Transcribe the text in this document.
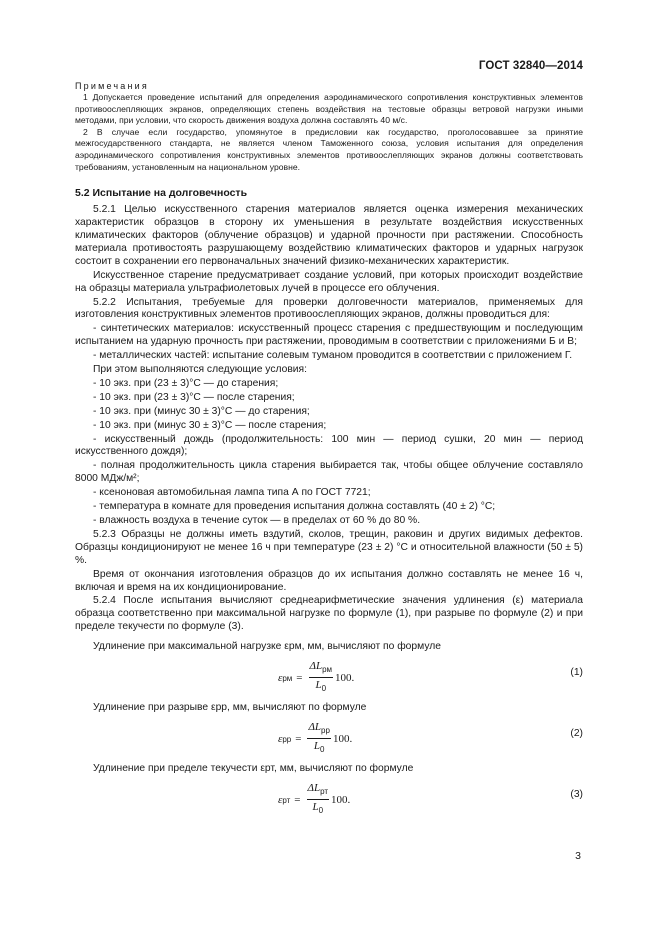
ГОСТ 32840—2014
Примечания
1 Допускается проведение испытаний для определения аэродинамического сопротивления конструктивных элементов противоослепляющих экранов, определяющих степень воздействия на тестовые образцы ветровой нагрузки иными методами, при условии, что скорость движения воздуха должна составлять 40 м/с.
2 В случае если государство, упомянутое в предисловии как государство, проголосовавшее за принятие межгосударственного стандарта, не является членом Таможенного союза, условия испытания для определения аэродинамического сопротивления конструктивных элементов противоослепляющих экранов должны соответствовать требованиям, установленным на национальном уровне.
5.2 Испытание на долговечность
5.2.1 Целью искусственного старения материалов является оценка измерения механических характеристик образцов в сторону их уменьшения в результате воздействия искусственных климатических факторов (облучение образцов) и ударной прочности при растяжении. Способность материала противостоять разрушающему воздействию климатических факторов и ударных нагрузок состоит в сохранении его первоначальных значений физико-механических характеристик.
Искусственное старение предусматривает создание условий, при которых происходит воздействие на образцы материала ультрафиолетовых лучей в процессе его облучения.
5.2.2 Испытания, требуемые для проверки долговечности материалов, применяемых для изготовления конструктивных элементов противоослепляющих экранов, должны проводиться для:
- синтетических материалов: искусственный процесс старения с предшествующим и последующим испытанием на ударную прочность при растяжении, проводимым в соответствии с приложениями Б и В;
- металлических частей: испытание солевым туманом проводится в соответствии с приложением Г.
При этом выполняются следующие условия:
- 10 экз. при (23 ± 3)°С — до старения;
- 10 экз. при (23 ± 3)°С — после старения;
- 10 экз. при (минус 30 ± 3)°С — до старения;
- 10 экз. при (минус 30 ± 3)°С — после старения;
- искусственный дождь (продолжительность: 100 мин — период сушки, 20 мин — период искусственного дождя);
- полная продолжительность цикла старения выбирается так, чтобы общее облучение составляло 8000 МДж/м²;
- ксеноновая автомобильная лампа типа А по ГОСТ 7721;
- температура в комнате для проведения испытания должна составлять (40 ± 2) °С;
- влажность воздуха в течение суток — в пределах от 60 % до 80 %.
5.2.3 Образцы не должны иметь вздутий, сколов, трещин, раковин и других видимых дефектов. Образцы кондиционируют не менее 16 ч при температуре (23 ± 2) °С и относительной влажности (50 ± 5) %.
Время от окончания изготовления образцов до их испытания должно составлять не менее 16 ч, включая и время на их кондиционирование.
5.2.4 После испытания вычисляют среднеарифметические значения удлинения (ε) материала образца соответственно при максимальной нагрузке по формуле (1), при разрыве по формуле (2) и при пределе текучести по формуле (3).
Удлинение при максимальной нагрузке εрм, мм, вычисляют по формуле
ε рм = $\frac{\Delta L_{рм}}{L_0} 100$.	(1)
Удлинение при разрыве εрр, мм, вычисляют по формуле
ε рр = $\frac{\Delta L_{рр}}{L_0} 100$.	(2)
Удлинение при пределе текучести εрт, мм, вычисляют по формуле
ε рт = $\frac{\Delta L_{рт}}{L_0} 100$.	(3)
3
